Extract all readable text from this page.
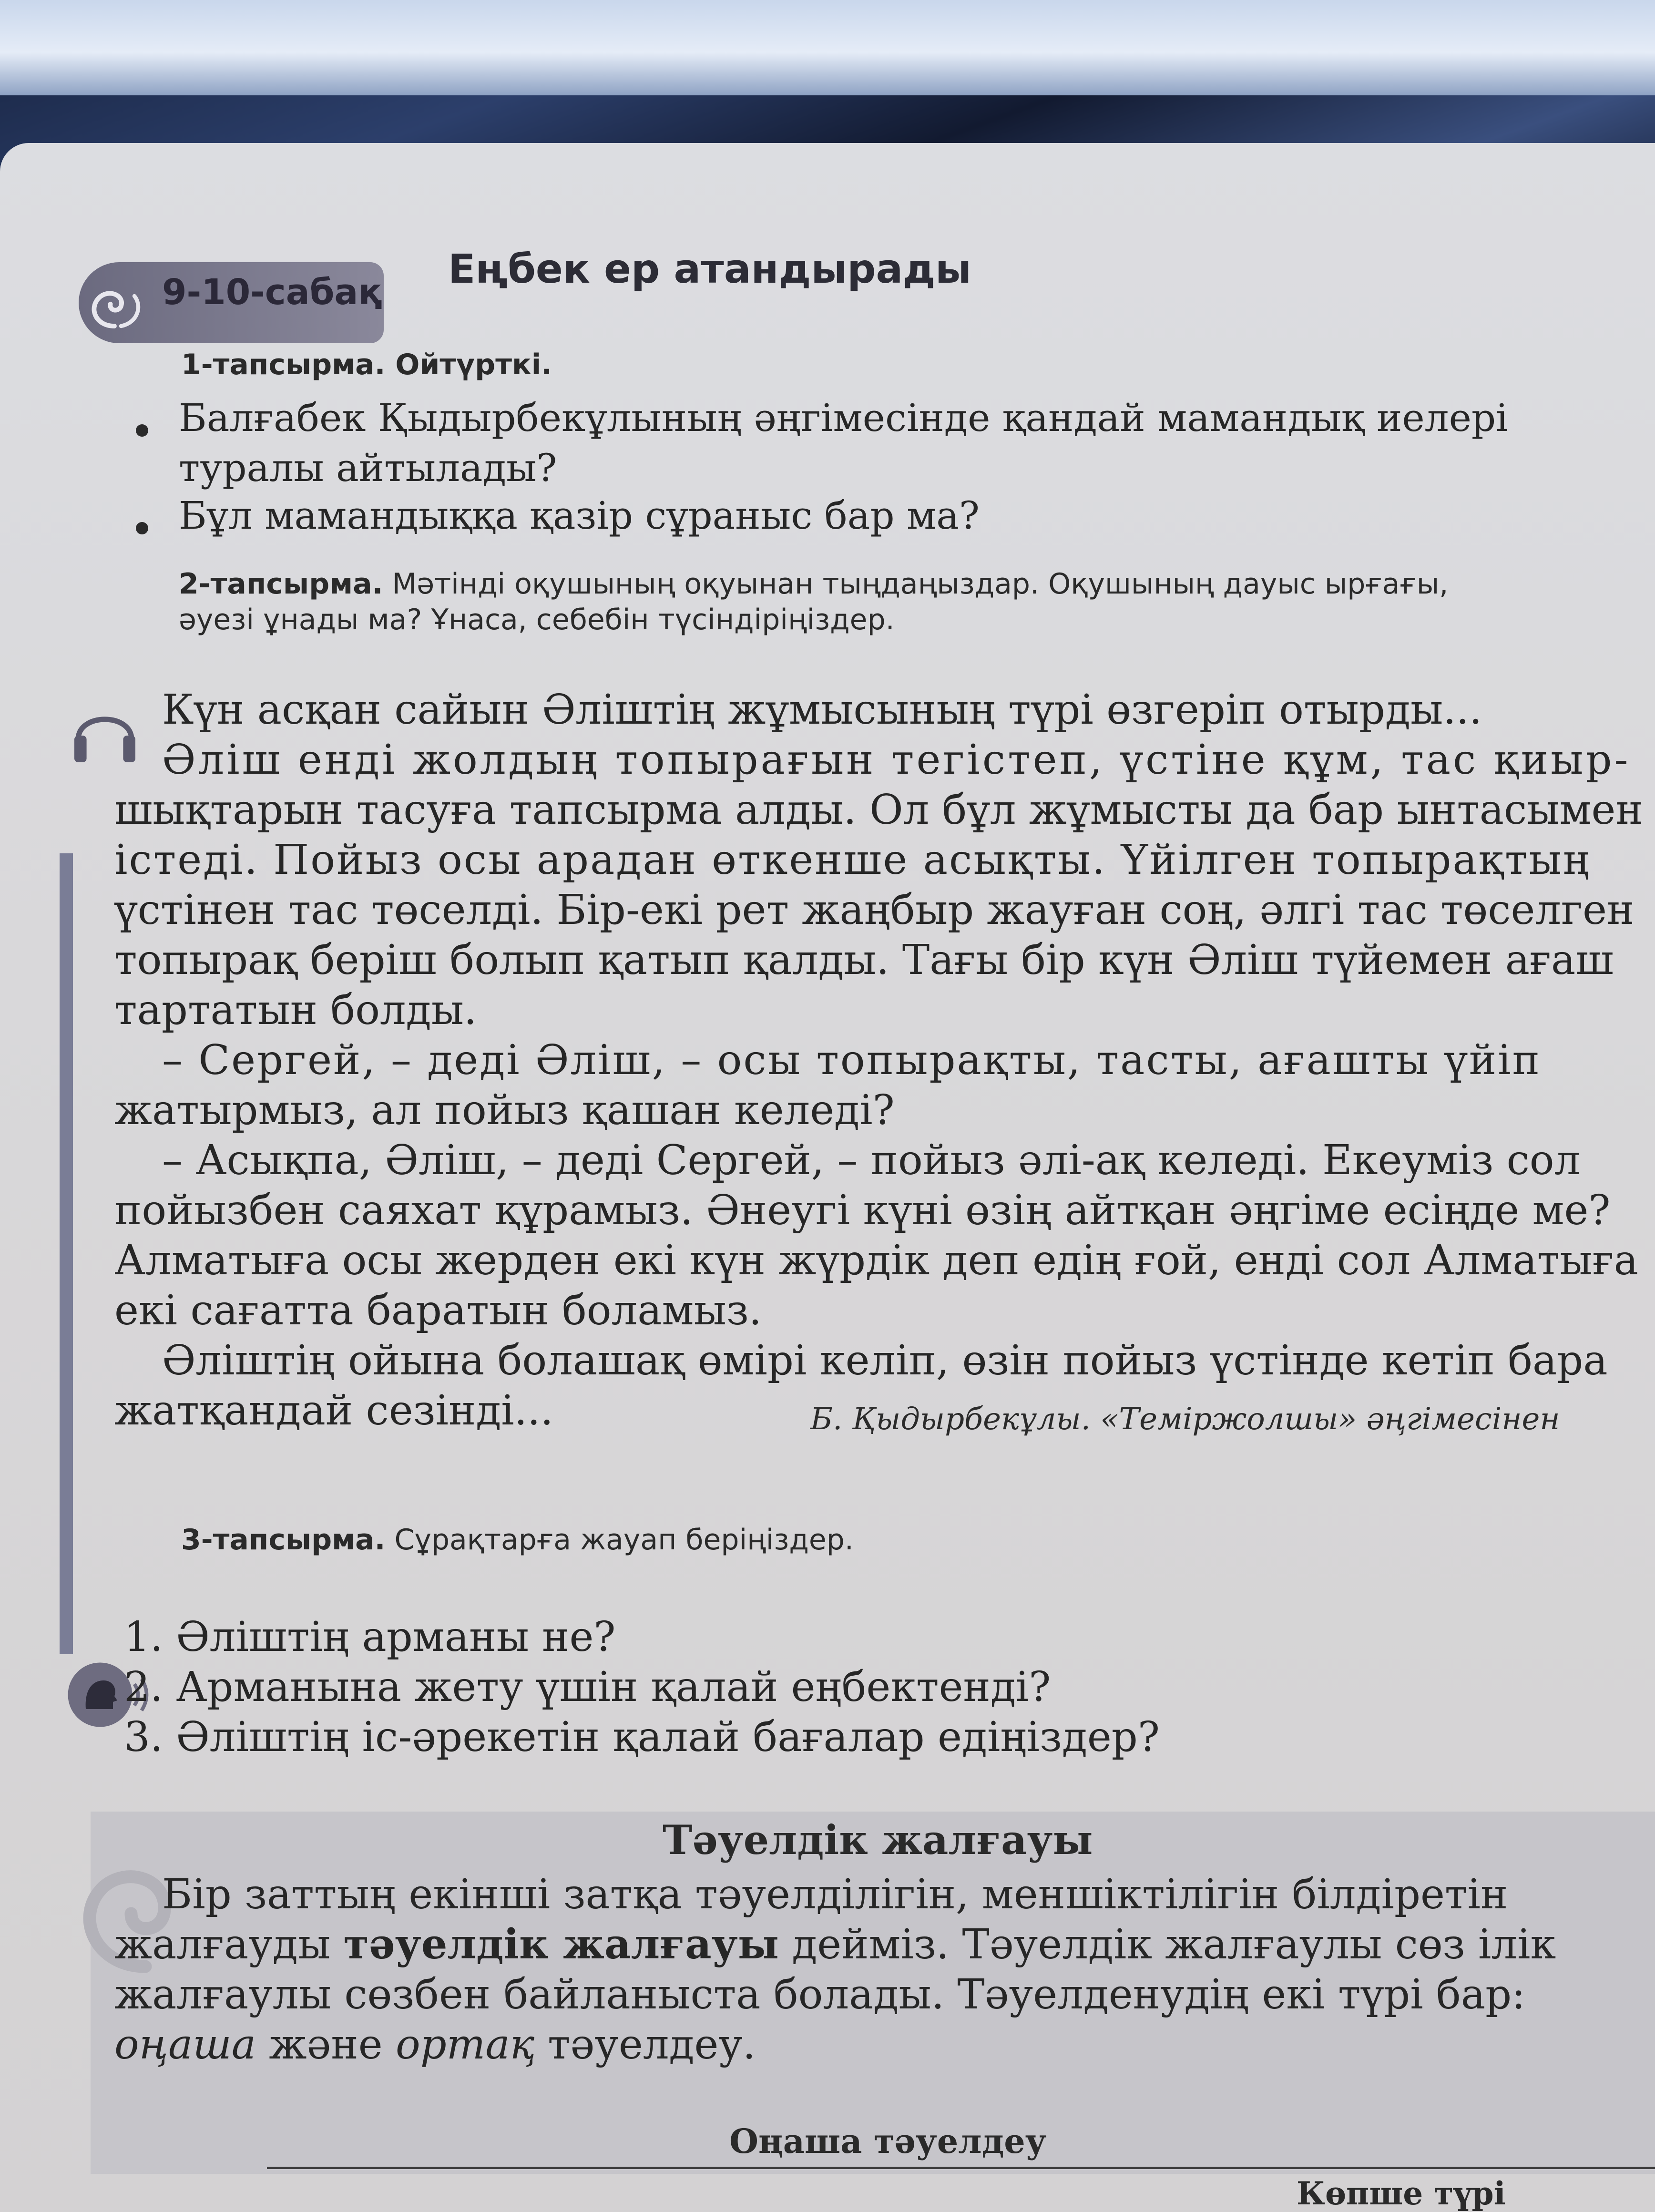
9-10-сабақ Еңбек ер атандырады
1-тапсырма. Ойтүрткі.
Балғабек Қыдырбекұлының әңгімесінде қандай мамандық иелері
туралы айтылады?
Бұл мамандыққа қазір сұраныс бар ма?
2-тапсырма. Мәтінді оқушының оқуынан тыңдаңыздар. Оқушының дауыс ырғағы,
әуезі ұнады ма? Ұнаса, себебін түсіндіріңіздер.
Күн асқан сайын Әліштің жұмысының түрі өзгеріп отырды...
Әліш енді жолдың топырағын тегістеп, үстіне құм, тас қиыр-
шықтарын тасуға тапсырма алды. Ол бұл жұмысты да бар ынтасымен
істеді. Пойыз осы арадан өткенше асықты. Үйілген топырақтың
үстінен тас төселді. Бір-екі рет жаңбыр жауған соң, әлгі тас төселген
топырақ беріш болып қатып қалды. Тағы бір күн Әліш түйемен ағаш
тартатын болды.
– Сергей, – деді Әліш, – осы топырақты, тасты, ағашты үйіп
жатырмыз, ал пойыз қашан келеді?
– Асықпа, Әліш, – деді Сергей, – пойыз әлі-ақ келеді. Екеуміз сол
пойызбен саяхат құрамыз. Әнеугі күні өзің айтқан әңгіме есіңде ме?
Алматыға осы жерден екі күн жүрдік деп едің ғой, енді сол Алматыға
екі сағатта баратын боламыз.
Әліштің ойына болашақ өмірі келіп, өзін пойыз үстінде кетіп бара
жатқандай сезінді...	Б. Қыдырбекұлы. «Теміржолшы» әңгімесінен
3-тапсырма. Сұрақтарға жауап беріңіздер.
1. Әліштің арманы не?
2. Арманына жету үшін қалай еңбектенді?
3. Әліштің іс-әрекетін қалай бағалар едіңіздер?
Тәуелдік жалғауы
Бір заттың екінші затқа тәуелділігін, меншіктілігін білдіретін
жалғауды тәуелдік жалғауы дейміз. Тәуелдік жалғаулы сөз ілік
жалғаулы сөзбен байланыста болады. Тәуелденудің екі түрі бар:
оңаша және ортақ тәуелдеу.
Оңаша тәуелдеу
Көпше түрі
